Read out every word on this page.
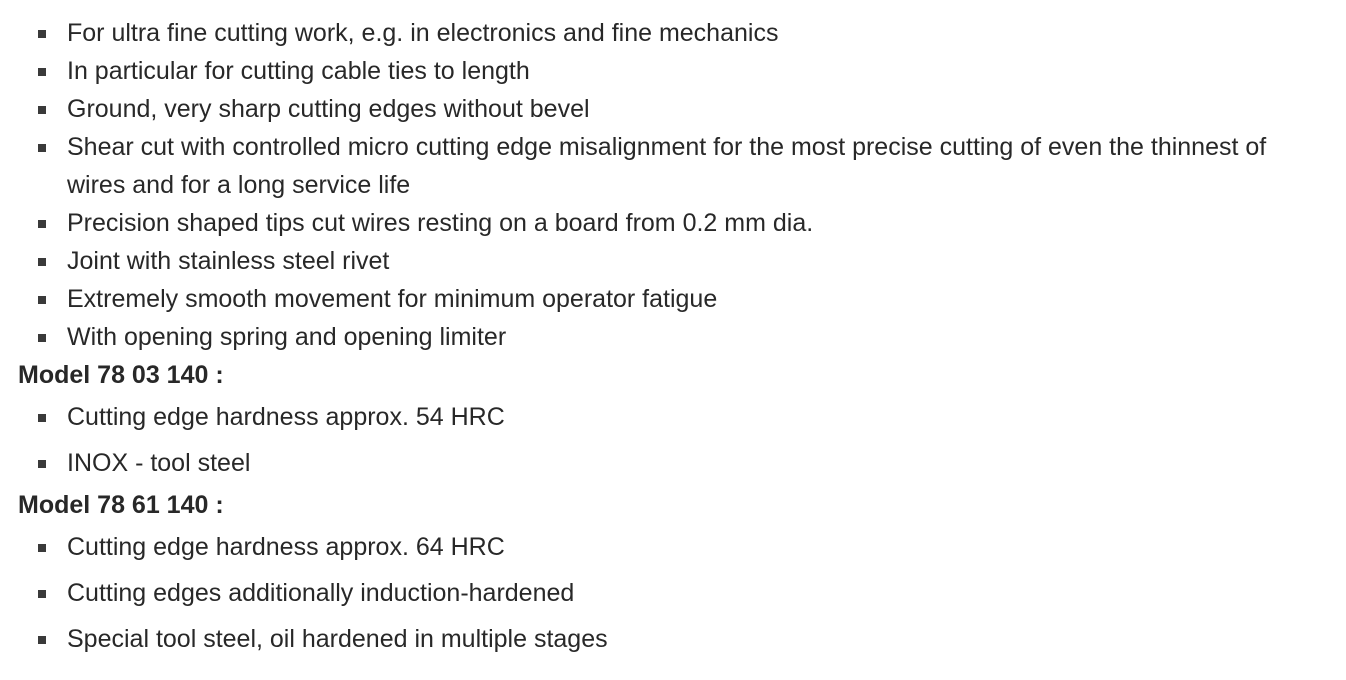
For ultra fine cutting work, e.g. in electronics and fine mechanics
In particular for cutting cable ties to length
Ground, very sharp cutting edges without bevel
Shear cut with controlled micro cutting edge misalignment for the most precise cutting of even the thinnest of wires and for a long service life
Precision shaped tips cut wires resting on a board from 0.2 mm dia.
Joint with stainless steel rivet
Extremely smooth movement for minimum operator fatigue
With opening spring and opening limiter

Model 78 03 140 :

Cutting edge hardness approx. 54 HRC
INOX - tool steel

Model 78 61 140 :

Cutting edge hardness approx. 64 HRC
Cutting edges additionally induction-hardened
Special tool steel, oil hardened in multiple stages
